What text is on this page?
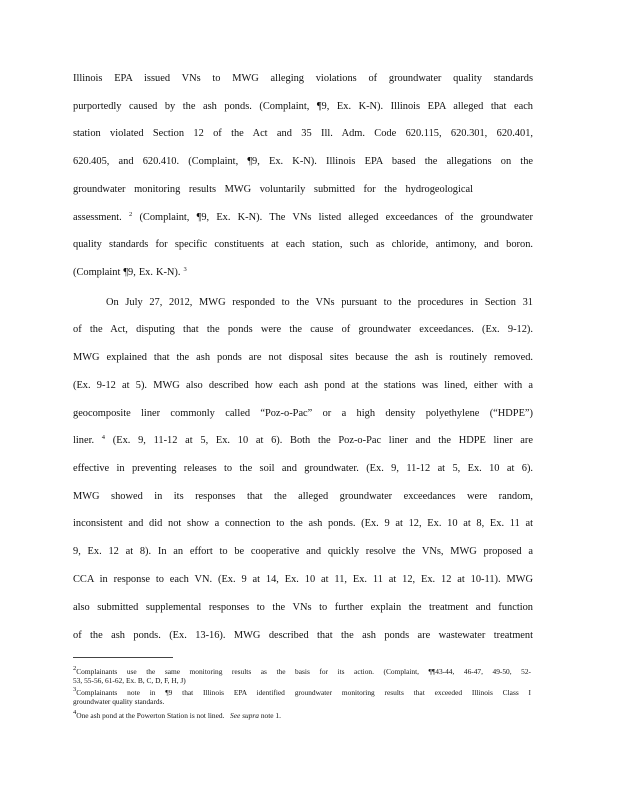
Illinois EPA issued VNs to MWG alleging violations of groundwater quality standards
purportedly caused by the ash ponds. (Complaint, ¶9, Ex. K-N). Illinois EPA alleged that each
station violated Section 12 of the Act and 35 Ill. Adm. Code 620.115, 620.301, 620.401,
620.405, and 620.410. (Complaint, ¶9, Ex. K-N). Illinois EPA based the allegations on the
groundwater monitoring results MWG voluntarily submitted for the hydrogeological
assessment. $^2$ (Complaint, ¶9, Ex. K-N). The VNs listed alleged exceedances of the groundwater
quality standards for specific constituents at each station, such as chloride, antimony, and boron.
(Complaint ¶9, Ex. K-N). $^3$
On July 27, 2012, MWG responded to the VNs pursuant to the procedures in Section 31
of the Act, disputing that the ponds were the cause of groundwater exceedances. (Ex. 9-12).
MWG explained that the ash ponds are not disposal sites because the ash is routinely removed.
(Ex. 9-12 at 5). MWG also described how each ash pond at the stations was lined, either with a
geocomposite liner commonly called “Poz-o-Pac” or a high density polyethylene (“HDPE”)
liner. $^4$ (Ex. 9, 11-12 at 5, Ex. 10 at 6). Both the Poz-o-Pac liner and the HDPE liner are
effective in preventing releases to the soil and groundwater. (Ex. 9, 11-12 at 5, Ex. 10 at 6).
MWG showed in its responses that the alleged groundwater exceedances were random,
inconsistent and did not show a connection to the ash ponds. (Ex. 9 at 12, Ex. 10 at 8, Ex. 11 at
9, Ex. 12 at 8). In an effort to be cooperative and quickly resolve the VNs, MWG proposed a
CCA in response to each VN. (Ex. 9 at 14, Ex. 10 at 11, Ex. 11 at 12, Ex. 12 at 10-11). MWG
also submitted supplemental responses to the VNs to further explain the treatment and function
of the ash ponds. (Ex. 13-16). MWG described that the ash ponds are wastewater treatment
$^2$Complainants use the same monitoring results as the basis for its action. (Complaint, ¶¶43-44, 46-47, 49-50, 52-
53, 55-56, 61-62, Ex. B, C, D, F, H, J)
$^3$Complainants note in ¶9 that Illinois EPA identified groundwater monitoring results that exceeded Illinois Class I
groundwater quality standards.
$^4$One ash pond at the Powerton Station is not lined. See supra note 1.
